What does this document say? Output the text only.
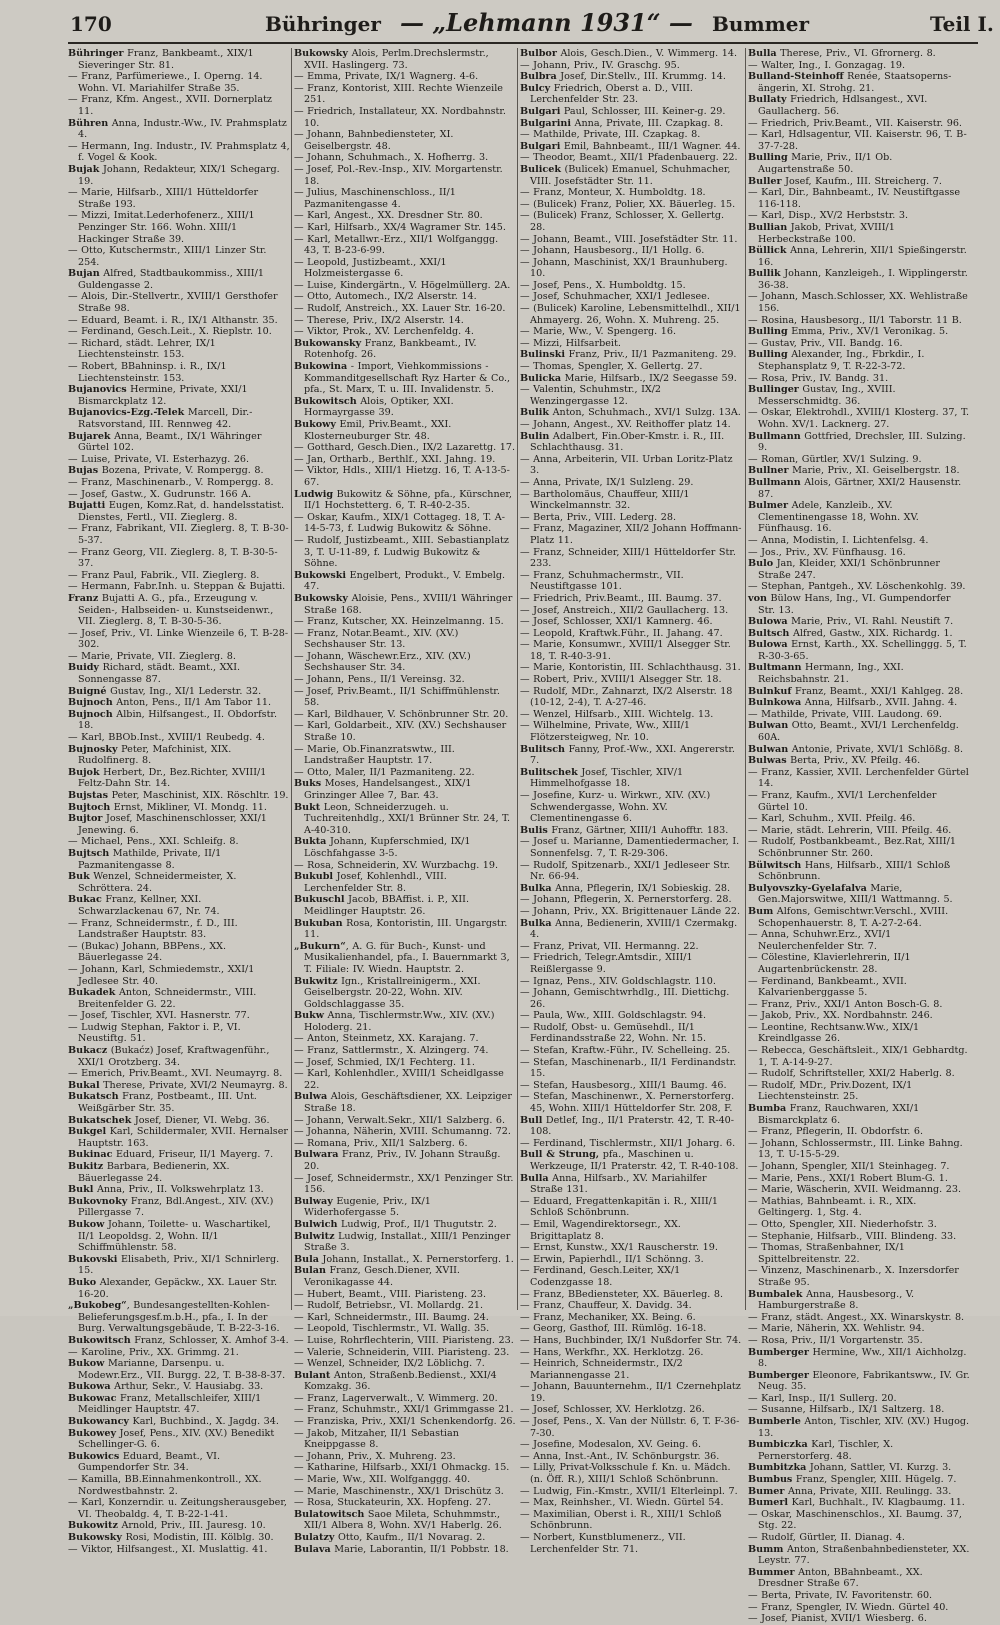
170	Bühringer — „Lehmann 1931“ — Bummer	Teil I.
Bühringer Franz, Bankbeamt., XIX/1 Sieveringer Str. 81.
— Franz, Parfümeriewe., I. Operng. 14. Wohn. VI. Mariahilfer Straße 35.
— Franz, Kfm. Angest., XVII. Dornerplatz 11.
Bühren Anna, Industr.-Ww., IV. Prahmsplatz 4.
— Hermann, Ing. Industr., IV. Prahmsplatz 4, f. Vogel & Kook.
Bujak Johann, Redakteur, XIX/1 Schegarg. 19.
— Marie, Hilfsarb., XIII/1 Hütteldorfer Straße 193.
— Mizzi, Imitat.Lederhofenerz., XIII/1 Penzinger Str. 166. Wohn. XIII/1 Hackinger Straße 39.
— Otto, Kutschermstr., XIII/1 Linzer Str. 254.
Bujan Alfred, Stadtbaukommiss., XIII/1 Guldengasse 2.
— Alois, Dir.-Stellvertr., XVIII/1 Gersthofer Straße 98.
— Eduard, Beamt. i. R., IX/1 Althanstr. 35.
— Ferdinand, Gesch.Leit., X. Rieplstr. 10.
— Richard, städt. Lehrer, IX/1 Liechtensteinstr. 153.
— Robert, BBahninsp. i. R., IX/1 Liechtensteinstr. 153.
Bujanovics Hermine, Private, XXI/1 Bismarckplatz 12.
Bujanovics-Ezg.-Telek Marcell, Dir.-Ratsvorstand, III. Rennweg 42.
Bujarek Anna, Beamt., IX/1 Währinger Gürtel 102.
— Luise, Private, VI. Esterhazyg. 26.
Bujas Bozena, Private, V. Rompergg. 8.
— Franz, Maschinenarb., V. Rompergg. 8.
— Josef, Gastw., X. Gudrunstr. 166 A.
Bujatti Eugen, Komz.Rat, d. handelsstatist. Dienstes, Fertl., VII. Zieglerg. 8.
— Franz, Fabrikant, VII. Zieglerg. 8, T. B-30-5-37.
— Franz Georg, VII. Zieglerg. 8, T. B-30-5-37.
— Franz Paul, Fabrik., VII. Zieglerg. 8.
— Hermann, Fabr.Inh. u. Steppan & Bujatti.
Franz Bujatti A. G., pfa., Erzeugung v. Seiden-, Halbseiden- u. Kunstseidenwr., VII. Zieglerg. 8, T. B-30-5-36.
— Josef, Priv., VI. Linke Wienzeile 6, T. B-28-302.
— Marie, Private, VII. Zieglerg. 8.
Buidy Richard, städt. Beamt., XXI. Sonnengasse 87.
Buigné Gustav, Ing., XI/1 Lederstr. 32.
Bujnoch Anton, Pens., II/1 Am Tabor 11.
Bujnoch Albin, Hilfsangest., II. Obdorfstr. 18.
— Karl, BBOb.Inst., XVIII/1 Reubedg. 4.
Bujnosky Peter, Mafchinist, XIX. Rudolfinerg. 8.
Bujok Herbert, Dr., Bez.Richter, XVIII/1 Feltz-Dahn Str. 14.
Bujstas Peter, Maschinist, XIX. Röschltr. 19.
Bujtoch Ernst, Mikliner, VI. Mondg. 11.
Bujtor Josef, Maschinenschlosser, XXI/1 Jenewing. 6.
— Michael, Pens., XXI. Schleifg. 8.
Bujtsch Mathilde, Private, II/1 Pazmanitengasse 8.
Buk Wenzel, Schneidermeister, X. Schröttera. 24.
Bukac Franz, Kellner, XXI. Schwarzlackenau 67, Nr. 74.
— Franz, Schneidermstr., f. D., III. Landstraßer Hauptstr. 83.
— (Bukac) Johann, BBPens., XX. Bäuerlegasse 24.
— Johann, Karl, Schmiedemstr., XXI/1 Jedlesee Str. 40.
Bukadek Anton, Schneidermstr., VIII. Breitenfelder G. 22.
— Josef, Tischler, XVI. Hasnerstr. 77.
— Ludwig Stephan, Faktor i. P., VI. Neustiftg. 51.
Bukacz (Bukaćz) Josef, Kraftwagenführ., XXI/1 Orotzberg. 34.
— Emerich, Priv.Beamt., XVI. Neumayrg. 8.
Bukal Therese, Private, XVI/2 Neumayrg. 8.
Bukatsch Franz, Postbeamt., III. Unt. Weißgärber Str. 35.
Bukatschek Josef, Diener, VI. Webg. 36.
Bukgel Karl, Schildermaler, XVII. Hernalser Hauptstr. 163.
Bukinac Eduard, Friseur, II/1 Mayerg. 7.
Bukitz Barbara, Bedienerin, XX. Bäuerlegasse 24.
Bukl Anna, Priv., II. Volkswehrplatz 13.
Bukovnoky Franz, Bdl.Angest., XIV. (XV.) Pillergasse 7.
Bukow Johann, Toilette- u. Waschartikel, II/1 Leopoldsg. 2, Wohn. II/1 Schiffmühlenstr. 58.
Bukovski Elisabeth, Priv., XI/1 Schnirlerg. 15.
Buko Alexander, Gepäckw., XX. Lauer Str. 16-20.
„Bukobeg“, Bundesangestellten-Kohlen-Belieferungsgesf.m.b.H., pfa., I. In der Burg. Verwaltungsgebäude, T. B-22-3-16.
Bukowitsch Franz, Schlosser, X. Amhof 3-4.
— Karoline, Priv., XX. Grimmg. 21.
Bukow Marianne, Darsenpu. u. Modewr.Erz., VII. Burgg. 22, T. B-38-8-37.
Bukowa Arthur, Sekr., V. Hausiabg. 33.
Bukowac Franz, Metallschleifer, XIII/1 Meidlinger Hauptstr. 47.
Bukowancy Karl, Buchbind., X. Jagdg. 34.
Bukowey Josef, Pens., XIV. (XV.) Benedikt Schellinger-G. 6.
Bukowics Eduard, Beamt., VI. Gumpendorfer Str. 34.
— Kamilla, BB.Einnahmenkontroll., XX. Nordwestbahnstr. 2.
— Karl, Konzerndir. u. Zeitungsherausgeber, VI. Theobaldg. 4, T. B-22-1-41.
Bukowitz Arnold, Priv., III. Jauresg. 10.
Bukowsky Rosi, Modistin, III. Kölblg. 30.
— Viktor, Hilfsangest., XI. Muslattig. 41.
Bukowsky Alois, Perlm.Drechslermstr., XVII. Haslingerg. 73.
— Emma, Private, IX/1 Wagnerg. 4-6.
— Franz, Kontorist, XIII. Rechte Wienzeile 251.
— Friedrich, Installateur, XX. Nordbahnstr. 10.
— Johann, Bahnbediensteter, XI. Geiselbergstr. 48.
— Johann, Schuhmach., X. Hofherrg. 3.
— Josef, Pol.-Rev.-Insp., XIV. Morgartenstr. 18.
— Julius, Maschinenschloss., II/1 Pazmanitengasse 4.
— Karl, Angest., XX. Dresdner Str. 80.
— Karl, Hilfsarb., XX/4 Wagramer Str. 145.
— Karl, Metallwr.-Erz., XII/1 Wolfganggg. 43, T. B-23-6-99.
— Leopold, Justizbeamt., XXI/1 Holzmeistergasse 6.
— Luise, Kindergärtn., V. Högelmüllerg. 2A.
— Otto, Automech., IX/2 Alserstr. 14.
— Rudolf, Anstreich., XX. Lauer Str. 16-20.
— Therese, Priv., IX/2 Alserstr. 14.
— Viktor, Prok., XV. Lerchenfeldg. 4.
Bukowansky Franz, Bankbeamt., IV. Rotenhofg. 26.
Bukowina - Import, Viehkommissions - Kommanditgesellschaft Ryz Harter & Co., pfa., St. Marx, T. u. III. Invalidenstr. 5.
Bukowitsch Alois, Optiker, XXI. Hormayrgasse 39.
Bukowy Emil, Priv.Beamt., XXI. Klosterneuburger Str. 48.
— Gotthard, Gesch.Dien., IX/2 Lazarettg. 17.
— Jan, Ortharb., Berthlf., XXI. Jahng. 19.
— Viktor, Hdls., XIII/1 Hietzg. 16, T. A-13-5-67.
Ludwig Bukowitz & Söhne, pfa., Kürschner, II/1 Hochstetterg. 6, T. R-40-2-35.
— Oskar, Kaufm., XIX/1 Cottageg. 18, T. A-14-5-73, f. Ludwig Bukowitz & Söhne.
— Rudolf, Justizbeamt., XIII. Sebastianplatz 3, T. U-11-89, f. Ludwig Bukowitz & Söhne.
Bukowski Engelbert, Produkt., V. Embelg. 47.
Bukowsky Aloisie, Pens., XVIII/1 Währinger Straße 168.
— Franz, Kutscher, XX. Heinzelmanng. 15.
— Franz, Notar.Beamt., XIV. (XV.) Sechshauser Str. 13.
— Johann, Wäschewr.Erz., XIV. (XV.) Sechshauser Str. 34.
— Johann, Pens., II/1 Vereinsg. 32.
— Josef, Priv.Beamt., II/1 Schiffmühlenstr. 58.
— Karl, Bildhauer, V. Schönbrunner Str. 20.
— Karl, Goldarbeit., XIV. (XV.) Sechshauser Straße 10.
— Marie, Ob.Finanzratswtw., III. Landstraßer Hauptstr. 17.
— Otto, Maler, II/1 Pazmaniteng. 22.
Buks Moses, Handelsangest., XIX/1 Grinzinger Allee 7, Bar. 43.
Bukt Leon, Schneiderzugeh. u. Tuchreitenhdlg., XXI/1 Brünner Str. 24, T. A-40-310.
Bukta Johann, Kupferschmied, IX/1 Löschfahgasse 3-5.
— Rosa, Schneiderin, XV. Wurzbachg. 19.
Bukubl Josef, Kohlenhdl., VIII. Lerchenfelder Str. 8.
Bukuschl Jacob, BBAffist. i. P., XII. Meidlinger Hauptstr. 26.
Bukuban Rosa, Kontoristin, III. Ungargstr. 11.
„Bukurn“, A. G. für Buch-, Kunst- und Musikalienhandel, pfa., I. Bauernmarkt 3, T. Filiale: IV. Wiedn. Hauptstr. 2.
Bukwitz Ign., Kristallreinigerm., XXI. Geiselbergstr. 20-22, Wohn. XIV. Goldschlaggasse 35.
Bukw Anna, Tischlermstr.Ww., XIV. (XV.) Holoderg. 21.
— Anton, Steinmetz, XX. Karajang. 7.
— Franz, Sattlermstr., X. Alzingerg. 74.
— Josef, Schmied, IX/1 Fechterg. 11.
— Karl, Kohlenhdler., XVIII/1 Scheidlgasse 22.
Bulwa Alois, Geschäftsdiener, XX. Leipziger Straße 18.
— Johann, Verwalt.Sekr., XII/1 Salzberg. 6.
— Johanna, Näherin, XVIII. Schumanng. 72.
— Romana, Priv., XII/1 Salzberg. 6.
Bulwara Franz, Priv., IV. Johann Straußg. 20.
— Josef, Schneidermstr., XX/1 Penzinger Str. 156.
Bulway Eugenie, Priv., IX/1 Widerhofergasse 5.
Bulwich Ludwig, Prof., II/1 Thugutstr. 2.
Bulwitz Ludwig, Installat., XIII/1 Penzinger Straße 3.
Bula Johann, Installat., X. Pernerstorferg. 1.
Bulan Franz, Gesch.Diener, XVII. Veronikagasse 44.
— Hubert, Beamt., VIII. Piaristeng. 23.
— Rudolf, Betriebsr., VI. Mollardg. 21.
— Karl, Schneidermstr., III. Baumg. 24.
— Leopold, Tischlermstr., VI. Wallg. 35.
— Luise, Rohrflechterin, VIII. Piaristeng. 23.
— Valerie, Schneiderin, VIII. Piaristeng. 23.
— Wenzel, Schneider, IX/2 Löblichg. 7.
Bulant Anton, Straßenb.Bedienst., XXI/4 Komzakg. 36.
— Franz, Lagerverwalt., V. Wimmerg. 20.
— Franz, Schuhmstr., XXI/1 Grimmgasse 21.
— Franziska, Priv., XXI/1 Schenkendorfg. 26.
— Jakob, Mitzaher, II/1 Sebastian Kneippgasse 8.
— Johann, Priv., X. Muhreng. 23.
— Katharine, Hilfsarb., XXI/1 Ohmackg. 15.
— Marie, Ww., XII. Wolfganggg. 40.
— Marie, Maschinenstr., XX/1 Drischütz 3.
— Rosa, Stuckateurin, XX. Hopfeng. 27.
Bulatowitsch Saoe Mileta, Schuhmmstr., XII/1 Albera 8, Wohn. XV/1 Haberlg. 26.
Bulatzy Otto, Kaufm., II/1 Novarag. 2.
Bulava Marie, Laborantin, II/1 Pobbstr. 18.
Bulbor Alois, Gesch.Dien., V. Wimmerg. 14.
— Johann, Priv., IV. Graschg. 95.
Bulbra Josef, Dir.Stellv., III. Krummg. 14.
Bulcy Friedrich, Oberst a. D., VIII. Lerchenfelder Str. 23.
Bulgari Paul, Schlosser, III. Keiner-g. 29.
Bulgarini Anna, Private, III. Czapkag. 8.
— Mathilde, Private, III. Czapkag. 8.
Bulgari Emil, Bahnbeamt., III/1 Wagner. 44.
— Theodor, Beamt., XII/1 Pfadenbauerg. 22.
Bulicek (Bulicek) Emanuel, Schuhmacher, VIII. Josefstädter Str. 11.
— Franz, Monteur, X. Humboldtg. 18.
— (Bulicek) Franz, Polier, XX. Bäuerleg. 15.
— (Bulicek) Franz, Schlosser, X. Gellertg. 28.
— Johann, Beamt., VIII. Josefstädter Str. 11.
— Johann, Hausbesorg., II/1 Hollg. 6.
— Johann, Maschinist, XX/1 Braunhuberg. 10.
— Josef, Pens., X. Humboldtg. 15.
— Josef, Schuhmacher, XXI/1 Jedlesee.
— (Bulicek) Karoline, Lebensmittelhdl., XII/1 Ahmayerg. 26, Wohn. X. Muhreng. 25.
— Marie, Ww., V. Spengerg. 16.
— Mizzi, Hilfsarbeit.
Bulinski Franz, Priv., II/1 Pazmaniteng. 29.
— Thomas, Spengler, X. Gellertg. 27.
Bulicka Marie, Hilfsarb., IX/2 Seegasse 59.
— Valentin, Schuhmstr., IX/2 Wenzingergasse 12.
Bulik Anton, Schuhmach., XVI/1 Sulzg. 13A.
— Johann, Angest., XV. Reithoffer platz 14.
Bulin Adalbert, Fin.Ober-Kmstr. i. R., III. Schlachthausg. 31.
— Anna, Arbeiterin, VII. Urban Loritz-Platz 3.
— Anna, Private, IX/1 Sulzleng. 29.
— Bartholomäus, Chauffeur, XIII/1 Winckelmannstr. 32.
— Berta, Priv., VIII. Lederg. 28.
— Franz, Magaziner, XII/2 Johann Hoffmann-Platz 11.
— Franz, Schneider, XIII/1 Hütteldorfer Str. 233.
— Franz, Schuhmachermstr., VII. Neustiftgasse 101.
— Friedrich, Priv.Beamt., III. Baumg. 37.
— Josef, Anstreich., XII/2 Gaullacherg. 13.
— Josef, Schlosser, XXI/1 Kamnerg. 46.
— Leopold, Kraftwk.Führ., II. Jahang. 47.
— Marie, Konsumwr., XVIII/1 Alsegger Str. 18, T. R-40-3-91.
— Marie, Kontoristin, III. Schlachthausg. 31.
— Robert, Priv., XVIII/1 Alsegger Str. 18.
— Rudolf, MDr., Zahnarzt, IX/2 Alserstr. 18 (10-12, 2-4), T. A-27-46.
— Wenzel, Hilfsarb., XIII. Wichtelg. 13.
— Wilhelmine, Private, Ww., XIII/1 Flötzersteigweg, Nr. 10.
Bulitsch Fanny, Prof.-Ww., XXI. Angererstr. 7.
Bulitschek Josef, Tischler, XIV/1 Himmelhofgasse 18.
— Josefine, Kurz- u. Wirkwr., XIV. (XV.) Schwendergasse, Wohn. XV. Clementinengasse 6.
Bulis Franz, Gärtner, XIII/1 Auhofftr. 183.
— Josef u. Marianne, Damentiedermacher, I. Sonnenfelsg. 7, T. R-29-306.
— Rudolf, Spitzenarb., XXI/1 Jedleseer Str. Nr. 66-94.
Bulka Anna, Pflegerin, IX/1 Sobieskig. 28.
— Johann, Pflegerin, X. Pernerstorferg. 28.
— Johann, Priv., XX. Brigittenauer Lände 22.
Bulka Anna, Bedienerin, XVIII/1 Czermakg. 4.
— Franz, Privat, VII. Hermanng. 22.
— Friedrich, Telegr.Amtsdir., XIII/1 Reißlergasse 9.
— Ignaz, Pens., XIV. Goldschlagstr. 110.
— Johann, Gemischtwrhdlg., III. Diettichg. 26.
— Paula, Ww., XIII. Goldschlagstr. 94.
— Rudolf, Obst- u. Gemüsehdl., II/1 Ferdinandsstraße 22, Wohn. Nr. 15.
— Stefan, Kraftw.-Führ., IV. Schelleing. 25.
— Stefan, Maschinenarb., II/1 Ferdinandstr. 15.
— Stefan, Hausbesorg., XIII/1 Baumg. 46.
— Stefan, Maschinenwr., X. Pernerstorferg. 45, Wohn. XIII/1 Hütteldorfer Str. 208, F.
Bull Detlef, Ing., II/1 Praterstr. 42, T. R-40-108.
— Ferdinand, Tischlermstr., XII/1 Joharg. 6.
Bull & Strung, pfa., Maschinen u. Werkzeuge, II/1 Praterstr. 42, T. R-40-108.
Bulla Anna, Hilfsarb., XV. Mariahilfer Straße 131.
— Eduard, Fregattenkapitän i. R., XIII/1 Schloß Schönbrunn.
— Emil, Wagendirektorsegr., XX. Brigittaplatz 8.
— Ernst, Kunstw., XX/1 Rauscherstr. 19.
— Erwin, Papierhdl., II/1 Schönng. 3.
— Ferdinand, Gesch.Leiter, XX/1 Codenzgasse 18.
— Franz, BBediensteter, XX. Bäuerleg. 8.
— Franz, Chauffeur, X. Davidg. 34.
— Franz, Mechaniker, XX. Being. 6.
— Georg, Gasthof, III. Rümlög. 16-18.
— Hans, Buchbinder, IX/1 Nußdorfer Str. 74.
— Hans, Werkfhr., XX. Herklotzg. 26.
— Heinrich, Schneidermstr., IX/2 Mariannengasse 21.
— Johann, Bauunternehm., II/1 Czernehplatz 19.
— Josef, Schlosser, XV. Herklotzg. 26.
— Josef, Pens., X. Van der Nüllstr. 6, T. F-36-7-30.
— Josefine, Modesalon, XV. Geing. 6.
— Anna, Inst.-Ant., IV. Schönburgstr. 36.
— Lilly, Privat-Volksschule f. Kn. u. Mädch. (n. Öff. R.), XIII/1 Schloß Schönbrunn.
— Ludwig, Fin.-Kmstr., XVII/1 Elterleinpl. 7.
— Max, Reinhsher., VI. Wiedn. Gürtel 54.
— Maximilian, Oberst i. R., XIII/1 Schloß Schönbrunn.
— Norbert, Kunstblumenerz., VII. Lerchenfelder Str. 71.
Bulla Therese, Priv., VI. Gfrornerg. 8.
— Walter, Ing., I. Gonzagag. 19.
Bulland-Steinhoff Renée, Staatsoperns-ängerin, XI. Strohg. 21.
Bullaty Friedrich, Hdlsangest., XVI. Gaullacherg. 56.
— Friedrich, Priv.Beamt., VII. Kaiserstr. 96.
— Karl, Hdlsagentur, VII. Kaiserstr. 96, T. B-37-7-28.
Bulling Marie, Priv., II/1 Ob. Augartenstraße 50.
Buller Josef, Kaufm., III. Streicherg. 7.
— Karl, Dir., Bahnbeamt., IV. Neustiftgasse 116-118.
— Karl, Disp., XV/2 Herbststr. 3.
Bullian Jakob, Privat, XVIII/1 Herbeckstraße 100.
Büllick Anna, Lehrerin, XII/1 Spießingerstr. 16.
Bullik Johann, Kanzleigeh., I. Wipplingerstr. 36-38.
— Johann, Masch.Schlosser, XX. Wehlistraße 156.
— Rosina, Hausbesorg., II/1 Taborstr. 11 B.
Bulling Emma, Priv., XV/1 Veronikag. 5.
— Gustav, Priv., VII. Bandg. 16.
Bulling Alexander, Ing., Fbrkdir., I. Stephansplatz 9, T. R-22-3-72.
— Rosa, Priv., IV. Bandg. 31.
Bullinger Gustav, Ing., XVIII. Messerschmidtg. 36.
— Oskar, Elektrohdl., XVIII/1 Klosterg. 37, T. Wohn. XV/1. Lacknerg. 27.
Bullmann Gottfried, Drechsler, III. Sulzing. 9.
— Roman, Gürtler, XV/1 Sulzing. 9.
Bullner Marie, Priv., XI. Geiselbergstr. 18.
Bullmann Alois, Gärtner, XXI/2 Hausenstr. 87.
Bulmer Adele, Kanzleib., XV. Clementinengasse 18, Wohn. XV. Fünfhausg. 16.
— Anna, Modistin, I. Lichtenfelsg. 4.
— Jos., Priv., XV. Fünfhausg. 16.
Bulo Jan, Kleider, XXI/1 Schönbrunner Straße 247.
— Stephan, Pantgeh., XV. Löschenkohlg. 39.
von Bülow Hans, Ing., VI. Gumpendorfer Str. 13.
Bulowa Marie, Priv., VI. Rahl. Neustift 7.
Bultsch Alfred, Gastw., XIX. Richardg. 1.
Bulowa Ernst, Karth., XX. Schellinggg. 5, T. R-30-3-65.
Bultmann Hermann, Ing., XXI. Reichsbahnstr. 21.
Bulnkuf Franz, Beamt., XXI/1 Kahlgeg. 28.
Bulnkowa Anna, Hilfsarb., XVII. Jahng. 4.
— Mathilde, Private, VIII. Laudong. 69.
Bulwan Otto, Beamt., XVI/1 Lerchenfeldg. 60A.
Bulwan Antonie, Private, XVI/1 Schlößg. 8.
Bulwas Berta, Priv., XV. Pfeilg. 46.
— Franz, Kassier, XVII. Lerchenfelder Gürtel 14.
— Franz, Kaufm., XVI/1 Lerchenfelder Gürtel 10.
— Karl, Schuhm., XVII. Pfeilg. 46.
— Marie, städt. Lehrerin, VIII. Pfeilg. 46.
— Rudolf, Postbankbeamt., Bez.Rat, XIII/1 Schönbrunner Str. 260.
Bülwitsch Hans, Hilfsarb., XIII/1 Schloß Schönbrunn.
Bulyovszky-Gyelafalva Marie, Gen.Majorswitwe, XIII/1 Wattmanng. 5.
Bum Alfons, Gemischtwr.Verschl., XVIII. Schopenhauerstr. 8, T. A-27-2-64.
— Anna, Schuhwr.Erz., XVI/1 Neulerchenfelder Str. 7.
— Cölestine, Klavierlehrerin, II/1 Augartenbrückenstr. 28.
— Ferdinand, Bankbeamt., XVII. Kalvarienberggasse 5.
— Franz, Priv., XXI/1 Anton Bosch-G. 8.
— Jakob, Priv., XX. Nordbahnstr. 246.
— Leontine, Rechtsanw.Ww., XIX/1 Kreindlgasse 26.
— Rebecca, Geschäftsleit., XIX/1 Gebhardtg. 1, T. A-14-9-27.
— Rudolf, Schriftsteller, XXI/2 Haberlg. 8.
— Rudolf, MDr., Priv.Dozent, IX/1 Liechtensteinstr. 25.
Bumba Franz, Rauchwaren, XXI/1 Bismarckplatz 6.
— Franz, Pflegerin, II. Obdorfstr. 6.
— Johann, Schlossermstr., III. Linke Bahng. 13, T. U-15-5-29.
— Johann, Spengler, XII/1 Steinhageg. 7.
— Marie, Pens., XXI/1 Robert Blum-G. 1.
— Marie, Wäscherin, XVII. Weidmanng. 23.
— Mathias, Bahnbeamt. i. R., XIX. Geltingerg. 1, Stg. 4.
— Otto, Spengler, XII. Niederhofstr. 3.
— Stephanie, Hilfsarb., VIII. Blindeng. 33.
— Thomas, Straßenbahner, IX/1 Spittelbreitenstr. 22.
— Vinzenz, Maschinenarb., X. Inzersdorfer Straße 95.
Bumbalek Anna, Hausbesorg., V. Hamburgerstraße 8.
— Franz, städt. Angest., XX. Winarskystr. 8.
— Marie, Näherin, XX. Wehlistr. 94.
— Rosa, Priv., II/1 Vorgartenstr. 35.
Bumberger Hermine, Ww., XII/1 Aichholzg. 8.
Bumberger Eleonore, Fabrikantsww., IV. Gr. Neug. 35.
— Karl, Insp., II/1 Sullerg. 20.
— Susanne, Hilfsarb., IX/1 Saltzerg. 18.
Bumberle Anton, Tischler, XIV. (XV.) Hugog. 13.
Bumbiczka Karl, Tischler, X. Pernerstorferg. 48.
Bumbitzka Johann, Sattler, VI. Kurzg. 3.
Bumbus Franz, Spengler, XIII. Hügelg. 7.
Bumer Anna, Private, XIII. Reulingg. 33.
Bumerl Karl, Buchhalt., IV. Klagbaumg. 11.
— Oskar, Maschinenschlos., XI. Baumg. 37, Stg. 22.
— Rudolf, Gürtler, II. Dianag. 4.
Bumm Anton, Straßenbahnbediensteter, XX. Leystr. 77.
Bummer Anton, BBahnbeamt., XX. Dresdner Straße 67.
— Berta, Private, IV. Favoritenstr. 60.
— Franz, Spengler, IV. Wiedn. Gürtel 40.
— Josef, Pianist, XVII/1 Wiesberg. 6.
